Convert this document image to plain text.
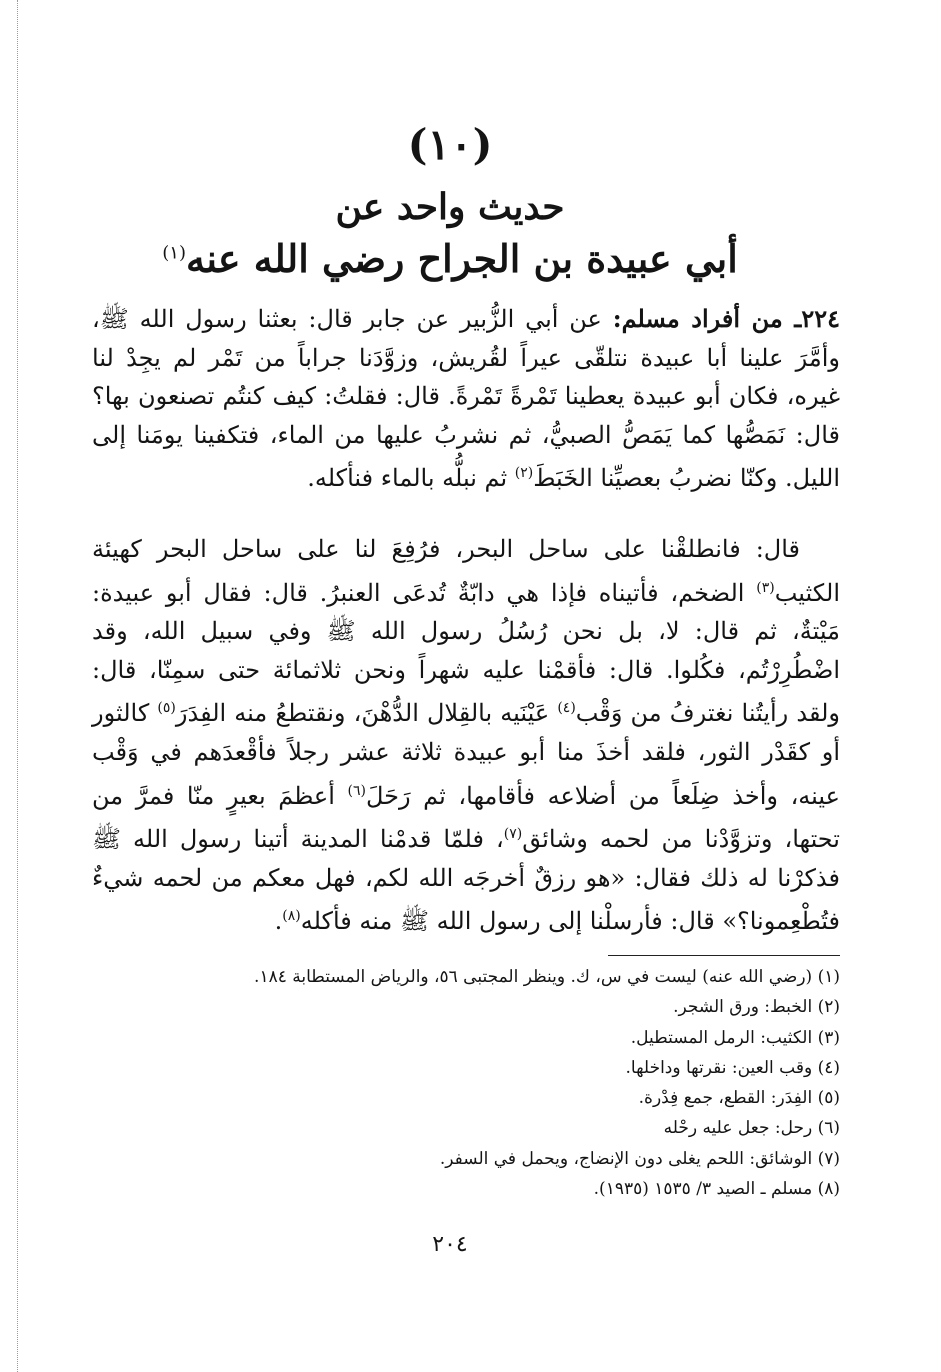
(١٠)
حديث واحد عن
أبي عبيدة بن الجراح رضي الله عنه$^{(١)}$
٢٢٤ـ من أفراد مسلم: عن أبي الزُّبير عن جابر قال: بعثنا رسول الله ﷺ، وأمَّرَ علينا أبا عبيدة نتلقّى عيراً لقُريش، وزوَّدَنا جراباً من تَمْر لم يجِدْ لنا غيره، فكان أبو عبيدة يعطينا تَمْرةً تَمْرةً. قال: فقلتُ: كيف كنتُم تصنعون بها؟ قال: نَمَصُّها كما يَمَصُّ الصبيُّ، ثم نشربُ عليها من الماء، فتكفينا يومَنا إلى الليل. وكنّا نضربُ بعصيِّنا الخَبَطَ$^{(٢)}$ ثم نبلُّه بالماء فنأكله.
قال: فانطلقْنا على ساحل البحر، فرُفِعَ لنا على ساحل البحر كهيئة الكثيب$^{(٣)}$ الضخم، فأتيناه فإذا هي دابّةٌ تُدعَى العنبرُ. قال: فقال أبو عبيدة: مَيْتةٌ، ثم قال: لا، بل نحن رُسُلُ رسول الله ﷺ وفي سبيل الله، وقد اضْطُرِرْتُم، فكُلوا. قال: فأقمْنا عليه شهراً ونحن ثلاثمائة حتى سمِنّا، قال: ولقد رأيتُنا نغترفُ من وَقْب$^{(٤)}$ عَيْنَيه بالقِلال الدُّهْنَ، ونقتطعُ منه الفِدَرَ$^{(٥)}$ كالثور أو كقَدْر الثور، فلقد أخذَ منا أبو عبيدة ثلاثة عشر رجلاً فأقْعدَهم في وَقْب عينه، وأخذ ضِلَعاً من أضلاعه فأقامها، ثم رَحَلَ$^{(٦)}$ أعظمَ بعيرٍ منّا فمرَّ من تحتها، وتزوَّدْنا من لحمه وشائق$^{(٧)}$، فلمّا قدمْنا المدينة أتينا رسول الله ﷺ فذكرْنا له ذلك فقال: «هو رزقٌ أخرجَه الله لكم، فهل معكم من لحمه شيءٌ فتُطْعِمونا؟» قال: فأرسلْنا إلى رسول الله ﷺ منه فأكله$^{(٨)}$.
(١) (رضي الله عنه) ليست في س، ك. وينظر المجتبى ٥٦، والرياض المستطابة ١٨٤.
(٢) الخبط: ورق الشجر.
(٣) الكثيب: الرمل المستطيل.
(٤) وقب العين: نقرتها وداخلها.
(٥) الفِدَر: القطع، جمع فِدْرة.
(٦) رحل: جعل عليه رحْله
(٧) الوشائق: اللحم يغلى دون الإنضاج، ويحمل في السفر.
(٨) مسلم ـ الصيد ٣/ ١٥٣٥ (١٩٣٥).
٢٠٤
